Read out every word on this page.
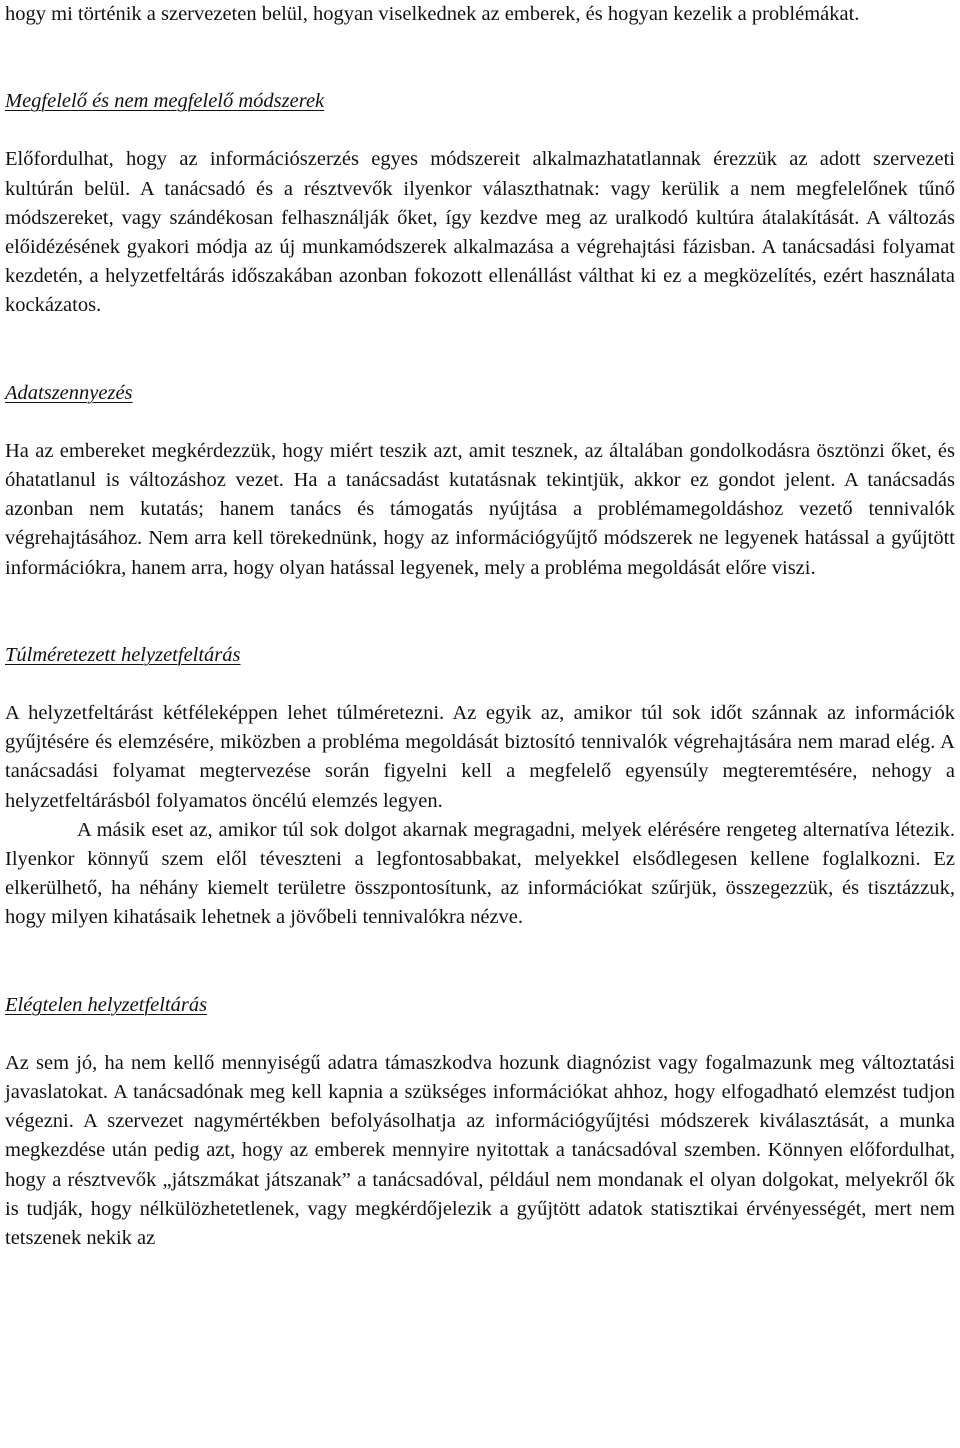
hogy mi történik a szervezeten belül, hogyan viselkednek az emberek, és hogyan kezelik a problémákat.

Megfelelő és nem megfelelő módszerek

Előfordulhat, hogy az információszerzés egyes módszereit alkalmazhatatlannak érezzük az adott szervezeti kultúrán belül. A tanácsadó és a résztvevők ilyenkor választhatnak: vagy kerülik a nem megfelelőnek tűnő módszereket, vagy szándékosan felhasználják őket, így kezdve meg az uralkodó kultúra átalakítását. A változás előidézésének gyakori módja az új munkamódszerek alkalmazása a végrehajtási fázisban. A tanácsadási folyamat kezdetén, a helyzetfeltárás időszakában azonban fokozott ellenállást válthat ki ez a megközelítés, ezért használata kockázatos.

Adatszennyezés

Ha az embereket megkérdezzük, hogy miért teszik azt, amit tesznek, az általában gondolkodásra ösztönzi őket, és óhatatlanul is változáshoz vezet. Ha a tanácsadást kutatásnak tekintjük, akkor ez gondot jelent. A tanácsadás azonban nem kutatás; hanem tanács és támogatás nyújtása a problémamegoldáshoz vezető tennivalók végrehajtásához. Nem arra kell törekednünk, hogy az információgyűjtő módszerek ne legyenek hatással a gyűjtött információkra, hanem arra, hogy olyan hatással legyenek, mely a probléma megoldását előre viszi.

Túlméretezett helyzetfeltárás

A helyzetfeltárást kétféleképpen lehet túlméretezni. Az egyik az, amikor túl sok időt szánnak az információk gyűjtésére és elemzésére, miközben a probléma megoldását biztosító tennivalók végrehajtására nem marad elég. A tanácsadási folyamat megtervezése során figyelni kell a megfelelő egyensúly megteremtésére, nehogy a helyzetfeltárásból folyamatos öncélú elemzés legyen.

A másik eset az, amikor túl sok dolgot akarnak megragadni, melyek elérésére rengeteg alternatíva létezik. Ilyenkor könnyű szem elől téveszteni a legfontosabbakat, melyekkel elsődlegesen kellene foglalkozni. Ez elkerülhető, ha néhány kiemelt területre összpontosítunk, az információkat szűrjük, összegezzük, és tisztázzuk, hogy milyen kihatásaik lehetnek a jövőbeli tennivalókra nézve.

Elégtelen helyzetfeltárás

Az sem jó, ha nem kellő mennyiségű adatra támaszkodva hozunk diagnózist vagy fogalmazunk meg változtatási javaslatokat. A tanácsadónak meg kell kapnia a szükséges információkat ahhoz, hogy elfogadható elemzést tudjon végezni. A szervezet nagymértékben befolyásolhatja az információgyűjtési módszerek kiválasztását, a munka megkezdése után pedig azt, hogy az emberek mennyire nyitottak a tanácsadóval szemben. Könnyen előfordulhat, hogy a résztvevők „játszmákat játszanak” a tanácsadóval, például nem mondanak el olyan dolgokat, melyekről ők is tudják, hogy nélkülözhetetlenek, vagy megkérdőjelezik a gyűjtött adatok statisztikai érvényességét, mert nem tetszenek nekik az
